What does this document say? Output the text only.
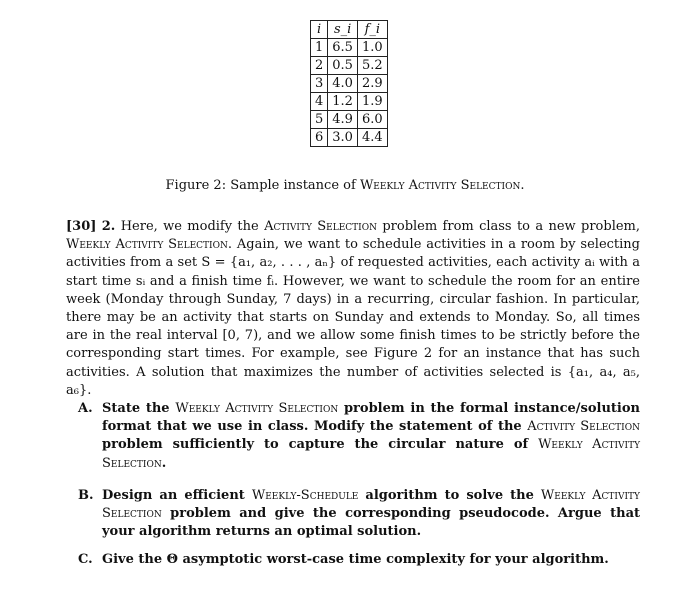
i	s_i	f_i
1	6.5	1.0
2	0.5	5.2
3	4.0	2.9
4	1.2	1.9
5	4.9	6.0
6	3.0	4.4
Figure 2: Sample instance of Weekly Activity Selection.
[30] 2. Here, we modify the Activity Selection problem from class to a new problem, Weekly Activity Selection. Again, we want to schedule activities in a room by selecting activities from a set S = {a₁, a₂, . . . , aₙ} of requested activities, each activity aᵢ with a start time sᵢ and a finish time fᵢ. However, we want to schedule the room for an entire week (Monday through Sunday, 7 days) in a recurring, circular fashion. In particular, there may be an activity that starts on Sunday and extends to Monday. So, all times are in the real interval [0, 7), and we allow some finish times to be strictly before the corresponding start times. For example, see Figure 2 for an instance that has such activities. A solution that maximizes the number of activities selected is {a₁, a₄, a₅, a₆}.
A. State the Weekly Activity Selection problem in the formal instance/solution format that we use in class. Modify the statement of the Activity Selection problem sufficiently to capture the circular nature of Weekly Activity Selection.
B. Design an efficient Weekly-Schedule algorithm to solve the Weekly Activity Selection problem and give the corresponding pseudocode. Argue that your algorithm returns an optimal solution.
C. Give the Θ asymptotic worst-case time complexity for your algorithm.
